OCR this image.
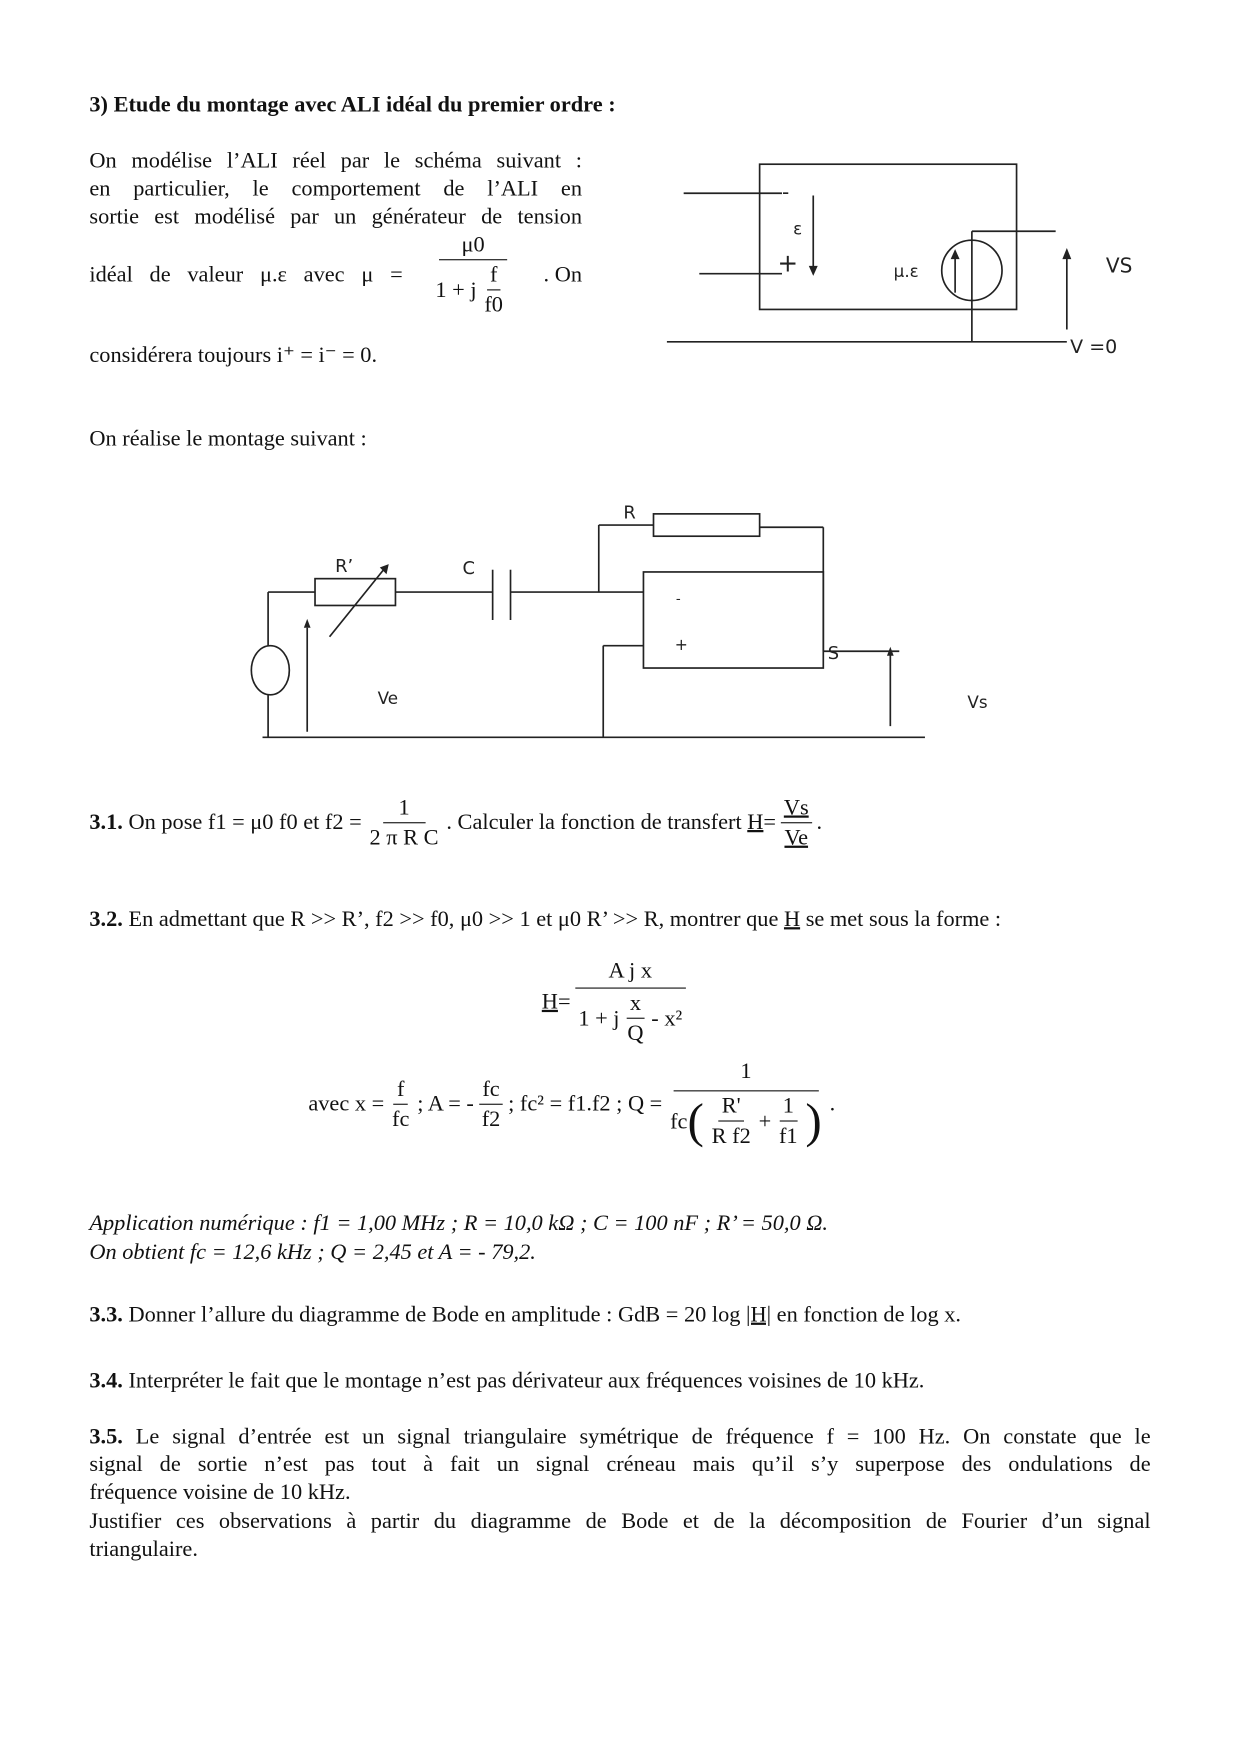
3) Etude du montage avec ALI idéal du premier ordre :
On modélise l’ALI réel par le schéma suivant :
en particulier, le comportement de l’ALI en
sortie est modélisé par un générateur de tension
idéal de valeur μ.ε avec $\mu = \frac{\mu 0}{1 + j \frac{f}{f0}}$ . On
considérera toujours i⁺ = i⁻ = 0.
-
+
ε
μ.ε	VS
V =0
On réalise le montage suivant :
R’	C
R
-
+	S
Ve	Vs
3.1.
On pose f1 = μ0 f0 et $f2 = \frac{1}{\text{2 π R C}}$ . Calculer la fonction de transfert
$H = \frac{Vs}{Ve}$ .
3.2.
En admettant que R >> R’, f2 >> f0, μ0 >> 1 et μ0 R’ >> R, montrer que
H
se met sous la forme :
$H = \frac{\text{A j x}}{1 + j \frac{x}{Q} - x^2}$
avec $x = \frac{f}{fc}$ ; A = - $\frac{fc}{f2}$ ; fc² = f1.f2 ; $Q = \frac{1}{fc ( \frac{R'}{\text{R f2}} + \frac{1}{f1} )}$ .
Application numérique : f1 = 1,00 MHz ; R = 10,0 kΩ ; C = 100 nF ; R’ = 50,0 Ω.
On obtient fc = 12,6 kHz ; Q = 2,45 et A = - 79,2.
3.3.
Donner l’allure du diagramme de Bode en amplitude : GdB = 20 log
|H|
en fonction de log x.
3.4.
Interpréter le fait que le montage n’est pas dérivateur aux fréquences voisines de 10 kHz.
3.5. Le signal d’entrée est un signal triangulaire symétrique de fréquence f = 100 Hz. On constate que le
signal de sortie n’est pas tout à fait un signal créneau mais qu’il s’y superpose des ondulations de
fréquence voisine de 10 kHz.
Justifier ces observations à partir du diagramme de Bode et de la décomposition de Fourier d’un signal
triangulaire.
